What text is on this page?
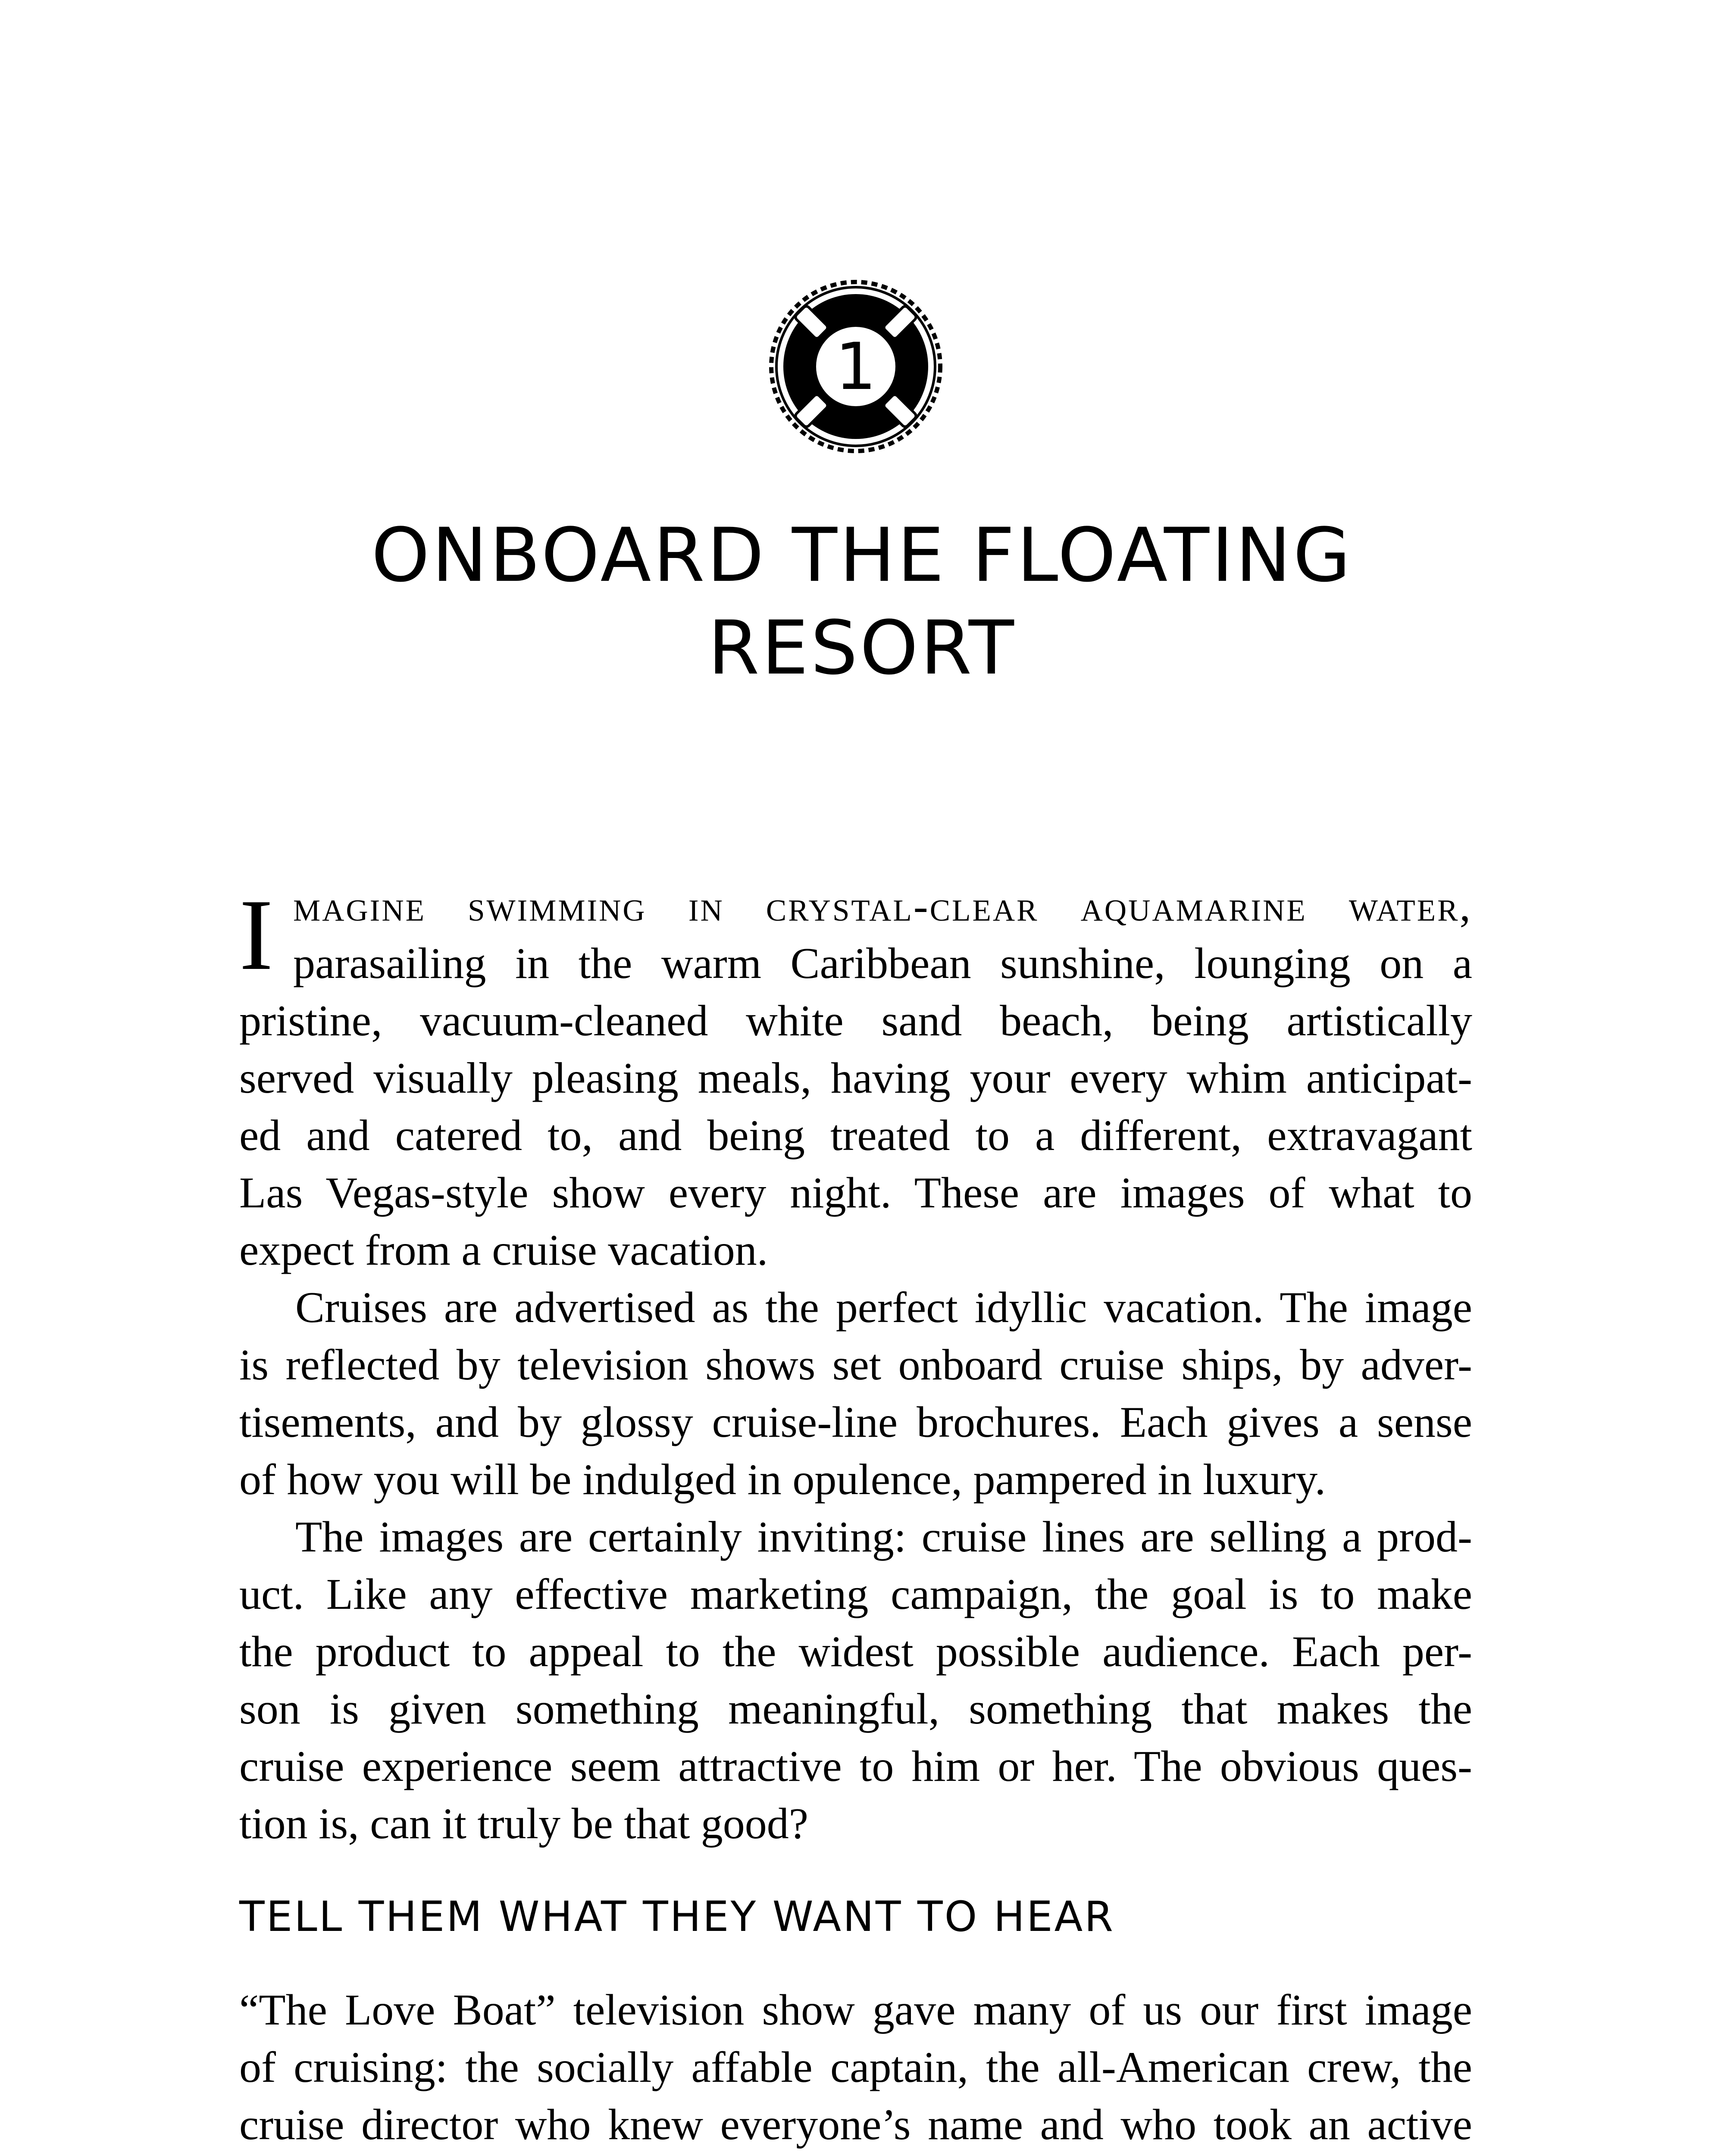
1
ONBOARD THE FLOATING
RESORT
I magine swimming in crystal-clear aquamarine water,
parasailing in the warm Caribbean sunshine, lounging on a
pristine, vacuum-cleaned white sand beach, being artistically
served visually pleasing meals, having your every whim anticipat-
ed and catered to, and being treated to a different, extravagant
Las Vegas-style show every night. These are images of what to
expect from a cruise vacation.
Cruises are advertised as the perfect idyllic vacation. The image
is reflected by television shows set onboard cruise ships, by adver-
tisements, and by glossy cruise-line brochures. Each gives a sense
of how you will be indulged in opulence, pampered in luxury.
The images are certainly inviting: cruise lines are selling a prod-
uct. Like any effective marketing campaign, the goal is to make
the product to appeal to the widest possible audience. Each per-
son is given something meaningful, something that makes the
cruise experience seem attractive to him or her. The obvious ques-
tion is, can it truly be that good?
TELL THEM WHAT THEY WANT TO HEAR
“The Love Boat” television show gave many of us our first image
of cruising: the socially affable captain, the all-American crew, the
cruise director who knew everyone’s name and who took an active
